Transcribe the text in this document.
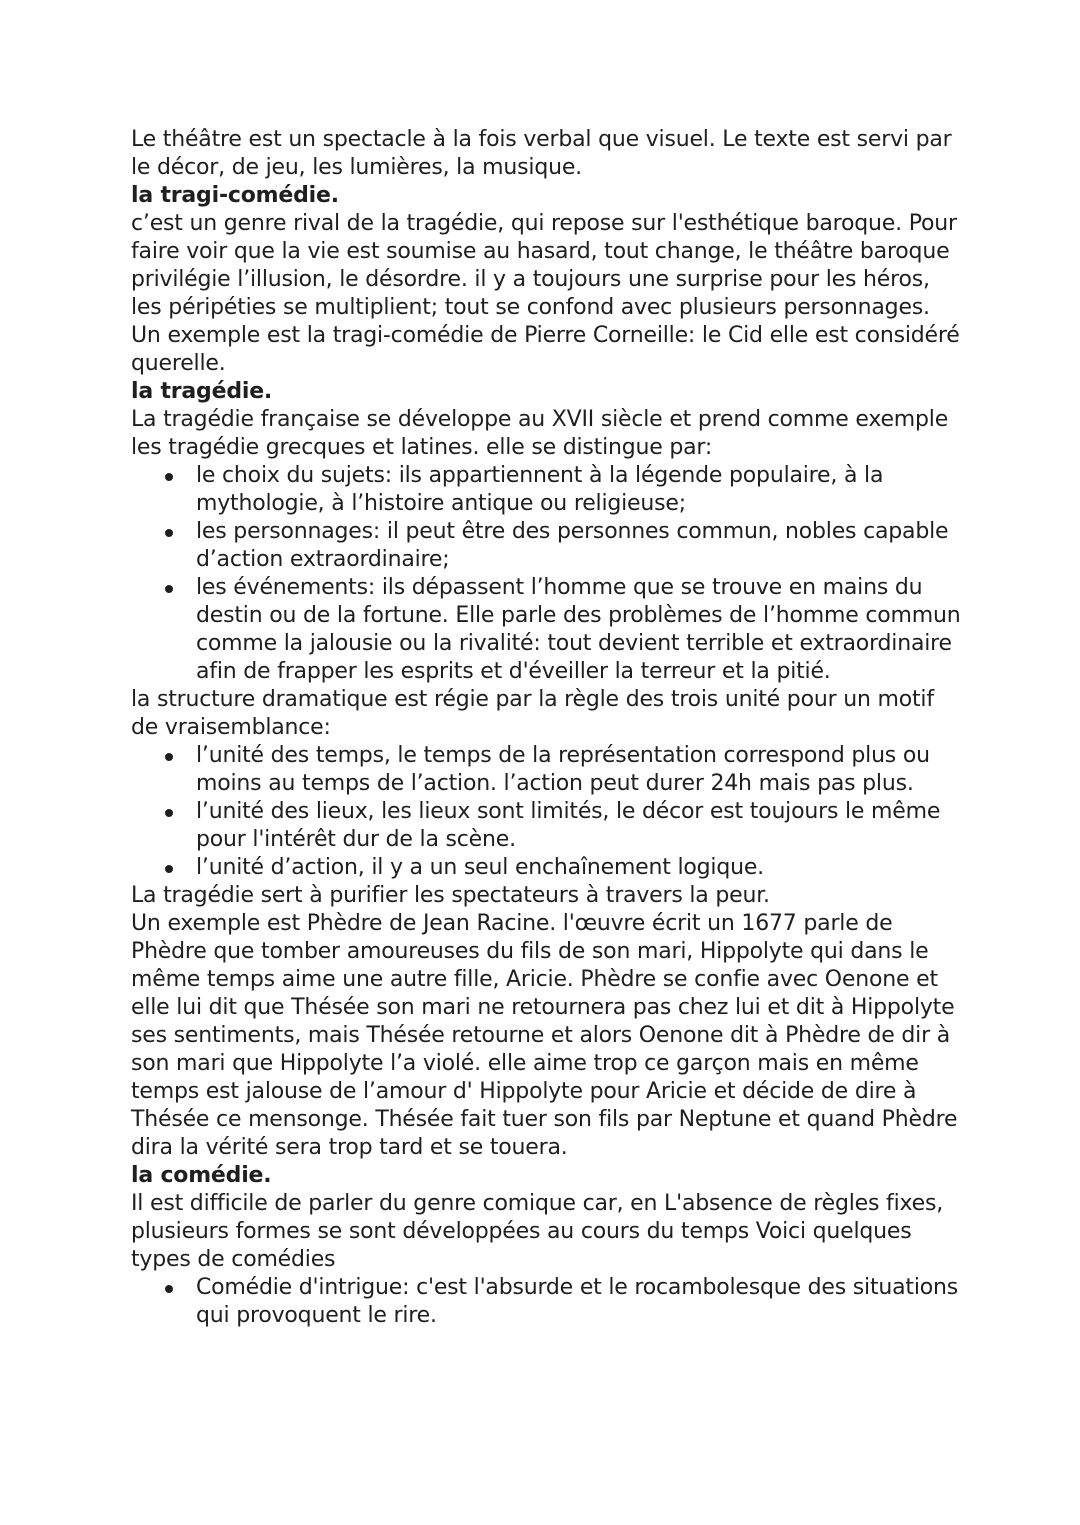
Le théâtre est un spectacle à la fois verbal que visuel. Le texte est servi par le décor, de jeu, les lumières, la musique.

la tragi-comédie.

c’est un genre rival de la tragédie, qui repose sur l'esthétique baroque. Pour faire voir que la vie est soumise au hasard, tout change, le théâtre baroque privilégie l’illusion, le désordre. il y a toujours une surprise pour les héros, les péripéties se multiplient; tout se confond avec plusieurs personnages. Un exemple est la tragi-comédie de Pierre Corneille: le Cid elle est considéré querelle.

la tragédie.

La tragédie française se développe au XVII siècle et prend comme exemple les tragédie grecques et latines. elle se distingue par:

le choix du sujets: ils appartiennent à la légende populaire, à la mythologie, à l’histoire antique ou religieuse;
les personnages: il peut être des personnes commun, nobles capable d’action extraordinaire;
les événements: ils dépassent l’homme que se trouve en mains du destin ou de la fortune. Elle parle des problèmes de l’homme commun comme la jalousie ou la rivalité: tout devient terrible et extraordinaire afin de frapper les esprits et d'éveiller la terreur et la pitié.

la structure dramatique est régie par la règle des trois unité pour un motif de vraisemblance:

l’unité des temps, le temps de la représentation correspond plus ou moins au temps de l’action. l’action peut durer 24h mais pas plus.
l’unité des lieux, les lieux sont limités, le décor est toujours le même pour l'intérêt dur de la scène.
l’unité d’action, il y a un seul enchaînement logique.

La tragédie sert à purifier les spectateurs à travers la peur.

Un exemple est Phèdre de Jean Racine. l'œuvre écrit un 1677 parle de Phèdre que tomber amoureuses du fils de son mari, Hippolyte qui dans le même temps aime une autre fille, Aricie. Phèdre se confie avec Oenone et elle lui dit que Thésée son mari ne retournera pas chez lui et dit à Hippolyte ses sentiments, mais Thésée retourne et alors Oenone dit à Phèdre de dir à son mari que Hippolyte l’a violé. elle aime trop ce garçon mais en même temps est jalouse de l’amour d' Hippolyte pour Aricie et décide de dire à Thésée ce mensonge. Thésée fait tuer son fils par Neptune et quand Phèdre dira la vérité sera trop tard et se touera.

la comédie.

Il est difficile de parler du genre comique car, en L'absence de règles fixes, plusieurs formes se sont développées au cours du temps Voici quelques types de comédies

Comédie d'intrigue: c'est l'absurde et le rocambolesque des situations qui provoquent le rire.
